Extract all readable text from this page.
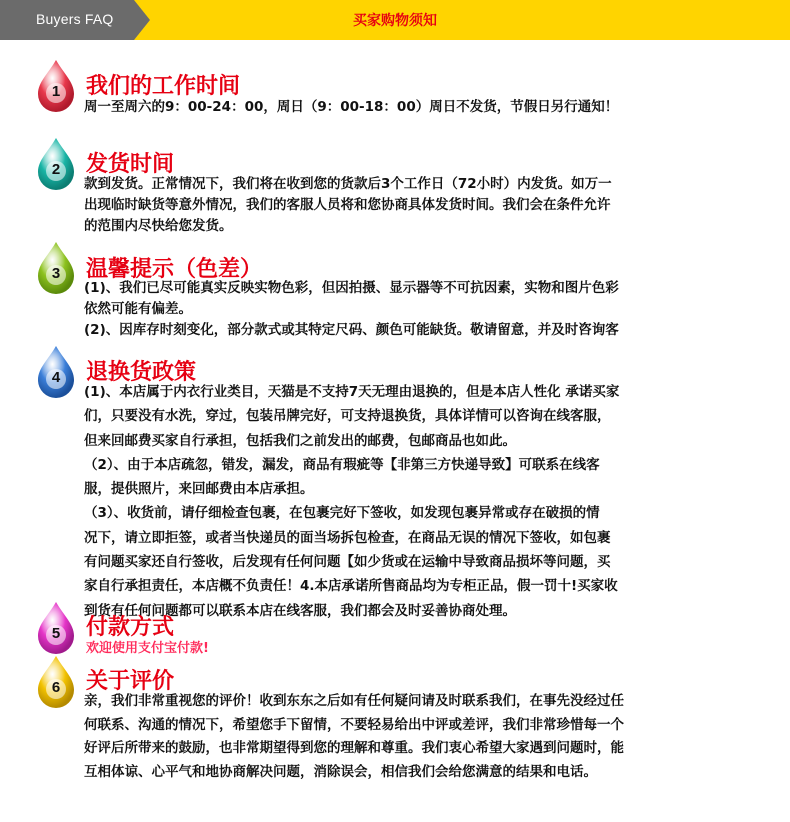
Buyers FAQ	买家购物须知
1	我们的工作时间

周一至周六的9：00-24：00，周日（9：00-18：00）周日不发货，节假日另行通知！

2	发货时间

款到发货。正常情况下，我们将在收到您的货款后3个工作日（72小时）内发货。如万一

出现临时缺货等意外情况，我们的客服人员将和您协商具体发货时间。我们会在条件允许

的范围内尽快给您发货。

3	温馨提示（色差）

(1)、我们已尽可能真实反映实物色彩，但因拍摄、显示器等不可抗因素，实物和图片色彩

依然可能有偏差。

(2)、因库存时刻变化，部分款式或其特定尺码、颜色可能缺货。敬请留意，并及时咨询客

4	退换货政策

(1)、本店属于内衣行业类目，天猫是不支持7天无理由退换的，但是本店人性化 承诺买家

们，只要没有水洗，穿过，包装吊牌完好，可支持退换货，具体详情可以咨询在线客服，

但来回邮费买家自行承担，包括我们之前发出的邮费，包邮商品也如此。

（2）、由于本店疏忽，错发，漏发，商品有瑕疵等【非第三方快递导致】可联系在线客

服，提供照片，来回邮费由本店承担。

（3）、收货前，请仔细检查包裹，在包裹完好下签收，如发现包裹异常或存在破损的情

况下，请立即拒签，或者当快递员的面当场拆包检查，在商品无误的情况下签收，如包裹

有问题买家还自行签收，后发现有任何问题【如少货或在运输中导致商品损坏等问题，买

家自行承担责任，本店概不负责任！4.本店承诺所售商品均为专柜正品，假一罚十!买家收

到货有任何问题都可以联系本店在线客服，我们都会及时妥善协商处理。

5	付款方式

欢迎使用支付宝付款!

6	关于评价

亲，我们非常重视您的评价！收到东东之后如有任何疑问请及时联系我们，在事先没经过任

何联系、沟通的情况下，希望您手下留情，不要轻易给出中评或差评，我们非常珍惜每一个

好评后所带来的鼓励，也非常期望得到您的理解和尊重。我们衷心希望大家遇到问题时，能

互相体谅、心平气和地协商解决问题，消除误会，相信我们会给您满意的结果和电话。
